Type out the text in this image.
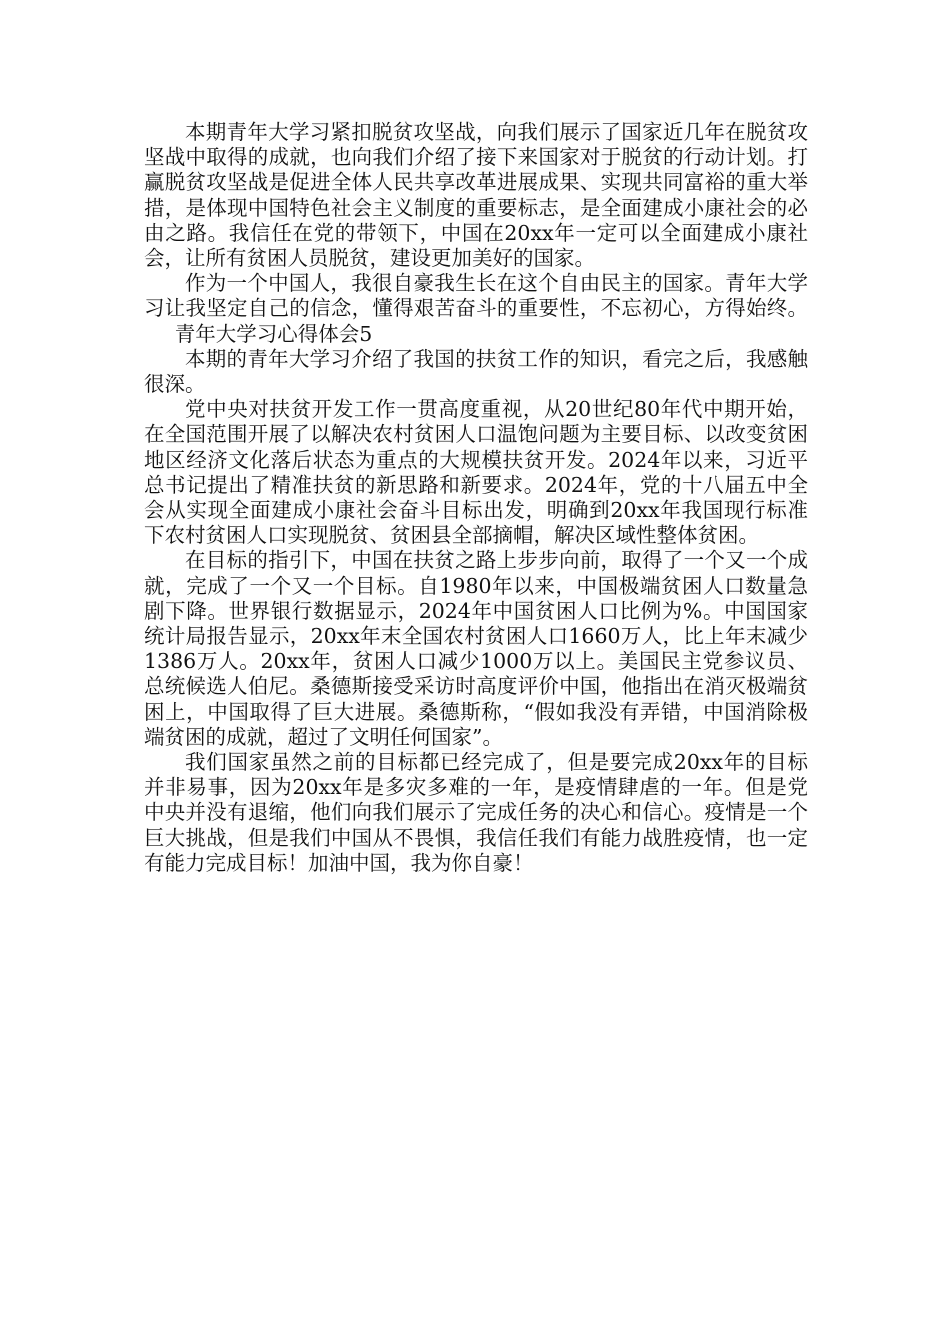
本期青年大学习紧扣脱贫攻坚战，向我们展示了国家近几年在脱贫攻坚战中取得的成就，也向我们介绍了接下来国家对于脱贫的行动计划。打赢脱贫攻坚战是促进全体人民共享改革进展成果、实现共同富裕的重大举措，是体现中国特色社会主义制度的重要标志，是全面建成小康社会的必由之路。我信任在党的带领下，中国在20xx年一定可以全面建成小康社会，让所有贫困人员脱贫，建设更加美好的国家。

作为一个中国人，我很自豪我生长在这个自由民主的国家。青年大学习让我坚定自己的信念，懂得艰苦奋斗的重要性，不忘初心，方得始终。青年大学习心得体会5

本期的青年大学习介绍了我国的扶贫工作的知识，看完之后，我感触很深。

党中央对扶贫开发工作一贯高度重视，从20世纪80年代中期开始，在全国范围开展了以解决农村贫困人口温饱问题为主要目标、以改变贫困地区经济文化落后状态为重点的大规模扶贫开发。2024年以来，习近平总书记提出了精准扶贫的新思路和新要求。2024年，党的十八届五中全会从实现全面建成小康社会奋斗目标出发，明确到20xx年我国现行标准下农村贫困人口实现脱贫、贫困县全部摘帽，解决区域性整体贫困。

在目标的指引下，中国在扶贫之路上步步向前，取得了一个又一个成就，完成了一个又一个目标。自1980年以来，中国极端贫困人口数量急剧下降。世界银行数据显示，2024年中国贫困人口比例为%。中国国家统计局报告显示，20xx年末全国农村贫困人口1660万人，比上年末减少1386万人。20xx年，贫困人口减少1000万以上。美国民主党参议员、总统候选人伯尼。桑德斯接受采访时高度评价中国，他指出在消灭极端贫困上，中国取得了巨大进展。桑德斯称，“假如我没有弄错，中国消除极端贫困的成就，超过了文明任何国家”。

我们国家虽然之前的目标都已经完成了，但是要完成20xx年的目标并非易事，因为20xx年是多灾多难的一年，是疫情肆虐的一年。但是党中央并没有退缩，他们向我们展示了完成任务的决心和信心。疫情是一个巨大挑战，但是我们中国从不畏惧，我信任我们有能力战胜疫情，也一定有能力完成目标！加油中国，我为你自豪！
